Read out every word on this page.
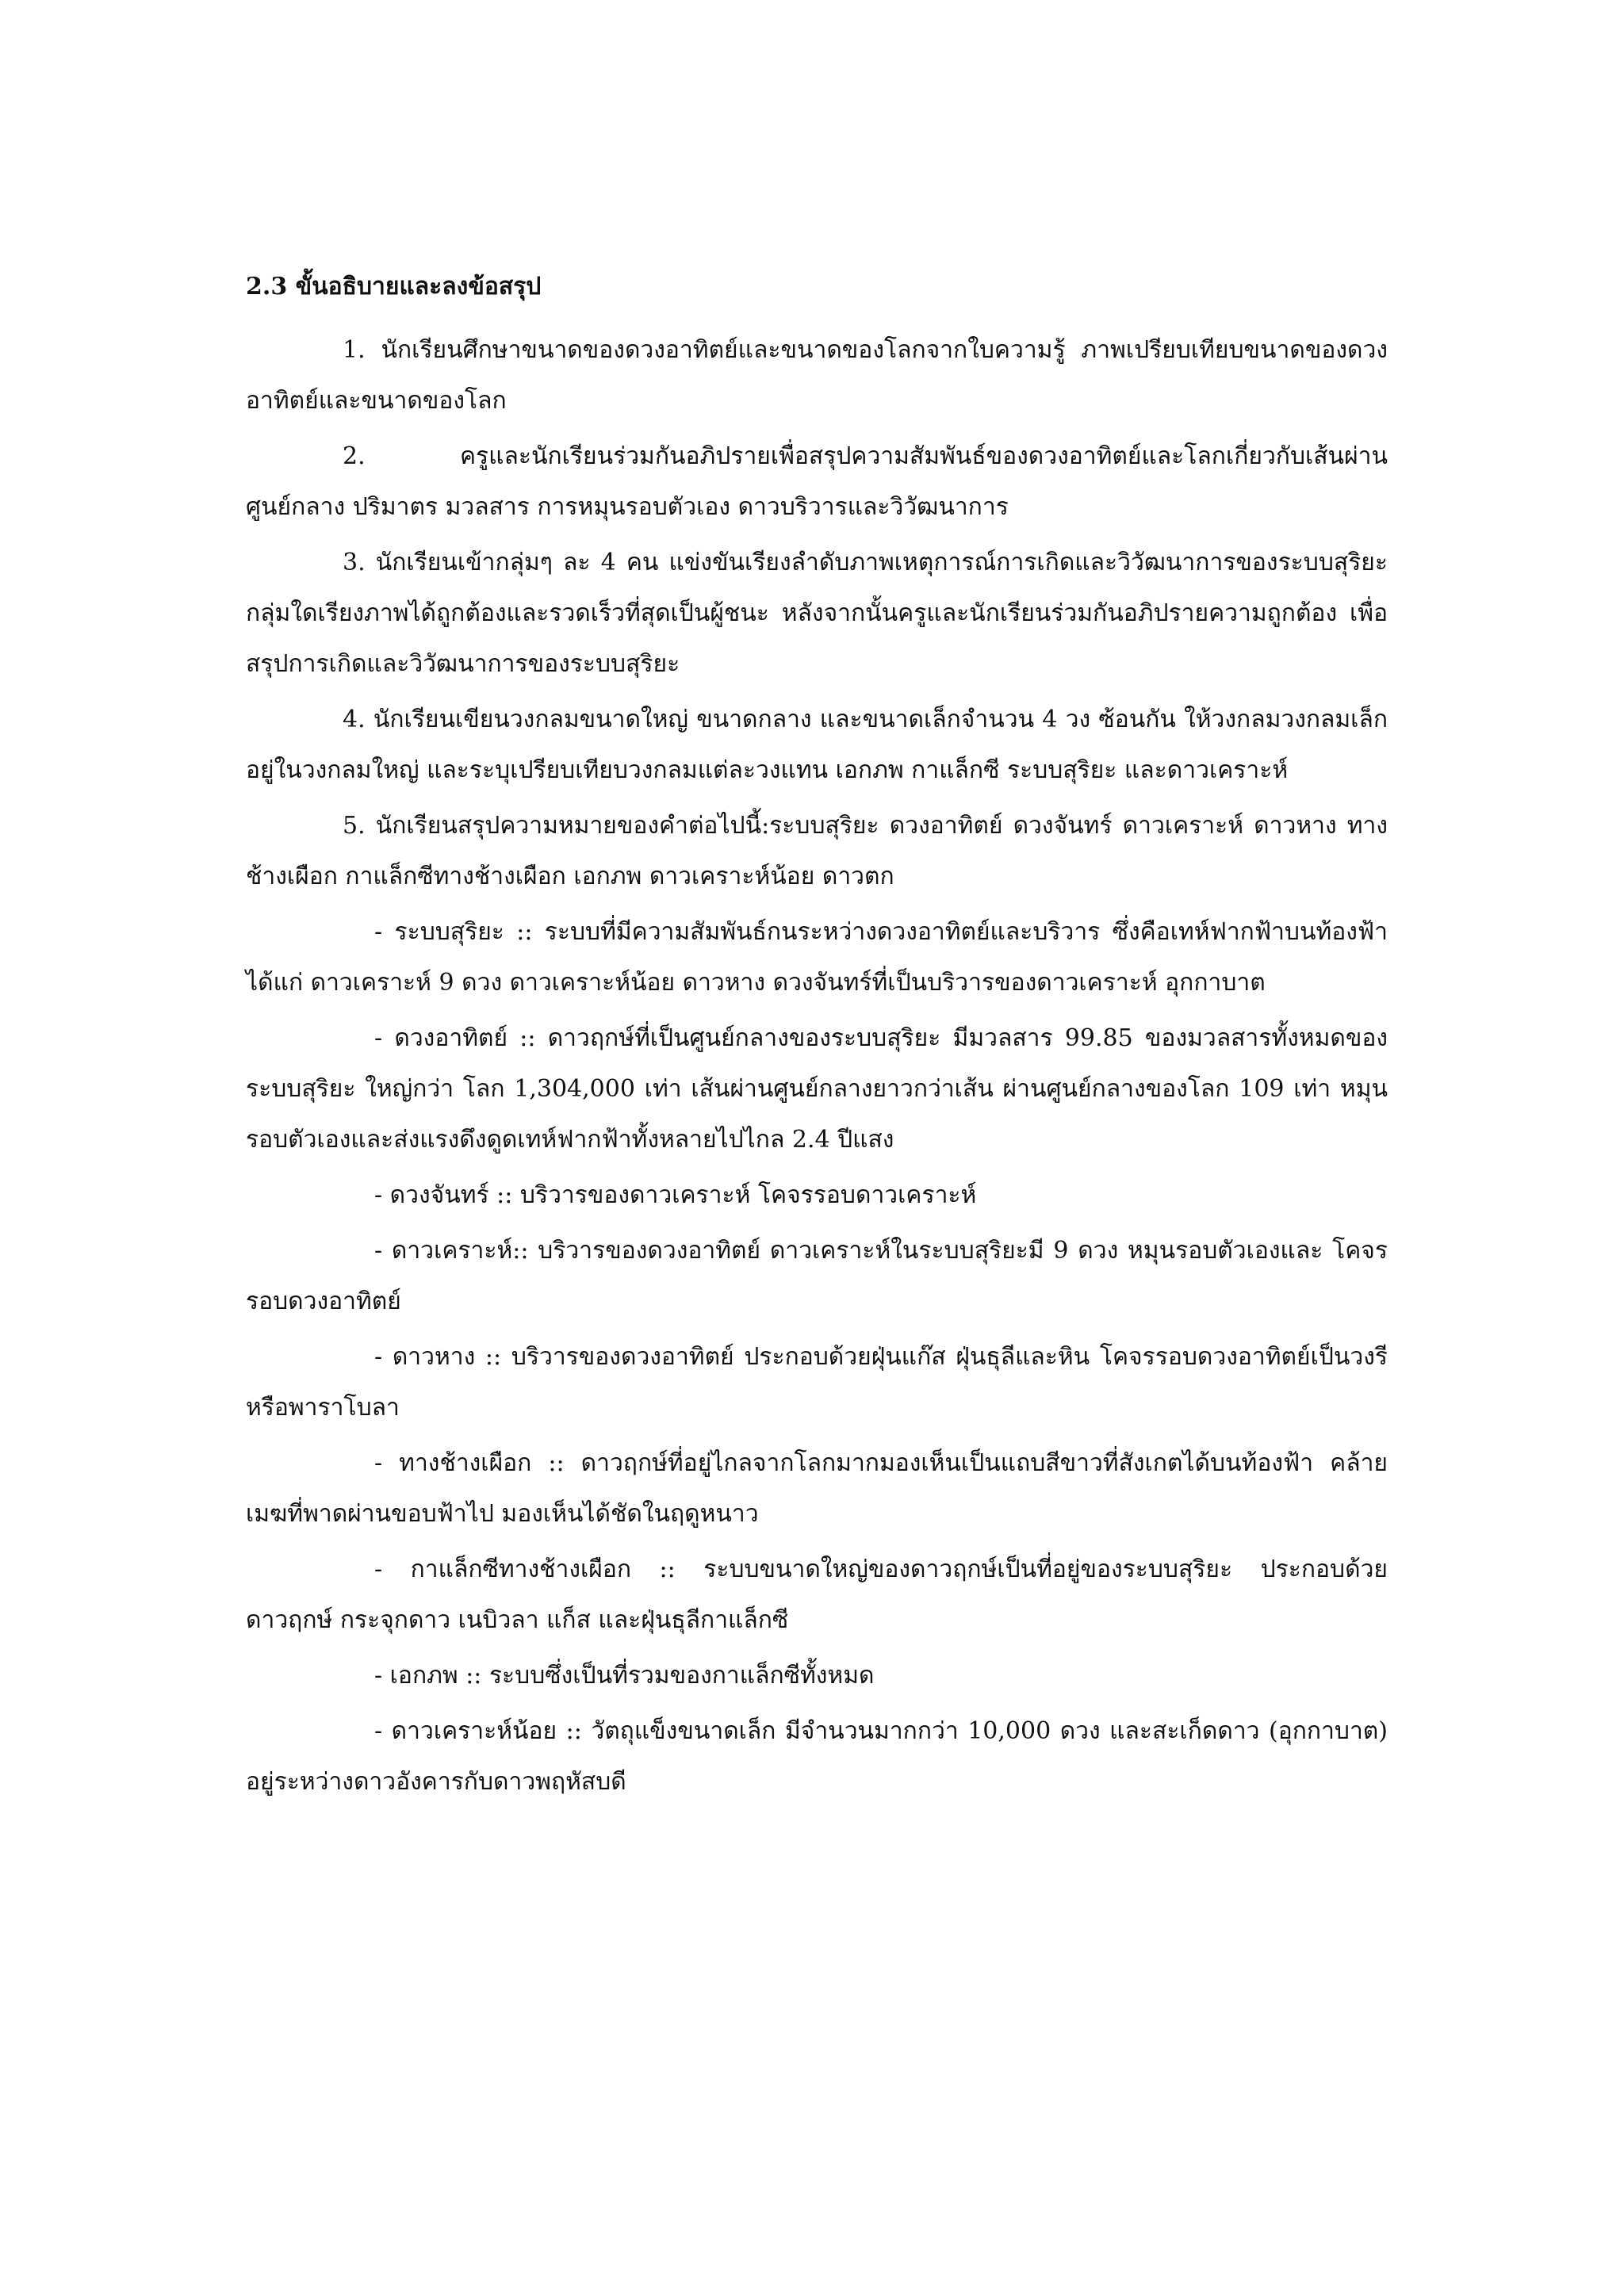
2.3 ขั้นอธิบายและลงข้อสรุป

1. นักเรียนศึกษาขนาดของดวงอาทิตย์และขนาดของโลกจากใบความรู้ ภาพเปรียบเทียบขนาดของดวงอาทิตย์และขนาดของโลก

2. ครูและนักเรียนร่วมกันอภิปรายเพื่อสรุปความสัมพันธ์ของดวงอาทิตย์และโลกเกี่ยวกับเส้นผ่านศูนย์กลาง ปริมาตร มวลสาร การหมุนรอบตัวเอง ดาวบริวารและวิวัฒนาการ

3. นักเรียนเข้ากลุ่มๆ ละ 4 คน แข่งขันเรียงลำดับภาพเหตุการณ์การเกิดและวิวัฒนาการของระบบสุริยะ กลุ่มใดเรียงภาพได้ถูกต้องและรวดเร็วที่สุดเป็นผู้ชนะ หลังจากนั้นครูและนักเรียนร่วมกันอภิปรายความถูกต้อง เพื่อสรุปการเกิดและวิวัฒนาการของระบบสุริยะ

4. นักเรียนเขียนวงกลมขนาดใหญ่ ขนาดกลาง และขนาดเล็กจำนวน 4 วง ซ้อนกัน ให้วงกลมวงกลมเล็กอยู่ในวงกลมใหญ่ และระบุเปรียบเทียบวงกลมแต่ละวงแทน เอกภพ กาแล็กซี ระบบสุริยะ และดาวเคราะห์

5. นักเรียนสรุปความหมายของคำต่อไปนี้:ระบบสุริยะ ดวงอาทิตย์ ดวงจันทร์ ดาวเคราะห์ ดาวหาง ทางช้างเผือก กาแล็กซีทางช้างเผือก เอกภพ ดาวเคราะห์น้อย ดาวตก

- ระบบสุริยะ :: ระบบที่มีความสัมพันธ์กนระหว่างดวงอาทิตย์และบริวาร ซึ่งคือเทห์ฟากฟ้าบนท้องฟ้า ได้แก่ ดาวเคราะห์ 9 ดวง ดาวเคราะห์น้อย ดาวหาง ดวงจันทร์ที่เป็นบริวารของดาวเคราะห์ อุกกาบาต

- ดวงอาทิตย์ :: ดาวฤกษ์ที่เป็นศูนย์กลางของระบบสุริยะ มีมวลสาร 99.85 ของมวลสารทั้งหมดของระบบสุริยะ ใหญ่กว่า โลก 1,304,000 เท่า เส้นผ่านศูนย์กลางยาวกว่าเส้น ผ่านศูนย์กลางของโลก 109 เท่า หมุนรอบตัวเองและส่งแรงดึงดูดเทห์ฟากฟ้าทั้งหลายไปไกล 2.4 ปีแสง

- ดวงจันทร์ :: บริวารของดาวเคราะห์ โคจรรอบดาวเคราะห์

- ดาวเคราะห์:: บริวารของดวงอาทิตย์ ดาวเคราะห์ในระบบสุริยะมี 9 ดวง หมุนรอบตัวเองและ โคจรรอบดวงอาทิตย์

- ดาวหาง :: บริวารของดวงอาทิตย์ ประกอบด้วยฝุ่นแก๊ส ฝุ่นธุลีและหิน โคจรรอบดวงอาทิตย์เป็นวงรีหรือพาราโบลา

- ทางช้างเผือก :: ดาวฤกษ์ที่อยู่ไกลจากโลกมากมองเห็นเป็นแถบสีขาวที่สังเกตได้บนท้องฟ้า คล้ายเมฆที่พาดผ่านขอบฟ้าไป มองเห็นได้ชัดในฤดูหนาว

- กาแล็กซีทางช้างเผือก :: ระบบขนาดใหญ่ของดาวฤกษ์เป็นที่อยู่ของระบบสุริยะ ประกอบด้วยดาวฤกษ์ กระจุกดาว เนบิวลา แก็ส และฝุ่นธุลีกาแล็กซี

- เอกภพ :: ระบบซึ่งเป็นที่รวมของกาแล็กซีทั้งหมด

- ดาวเคราะห์น้อย :: วัตถุแข็งขนาดเล็ก มีจำนวนมากกว่า 10,000 ดวง และสะเก็ดดาว (อุกกาบาต) อยู่ระหว่างดาวอังคารกับดาวพฤหัสบดี
